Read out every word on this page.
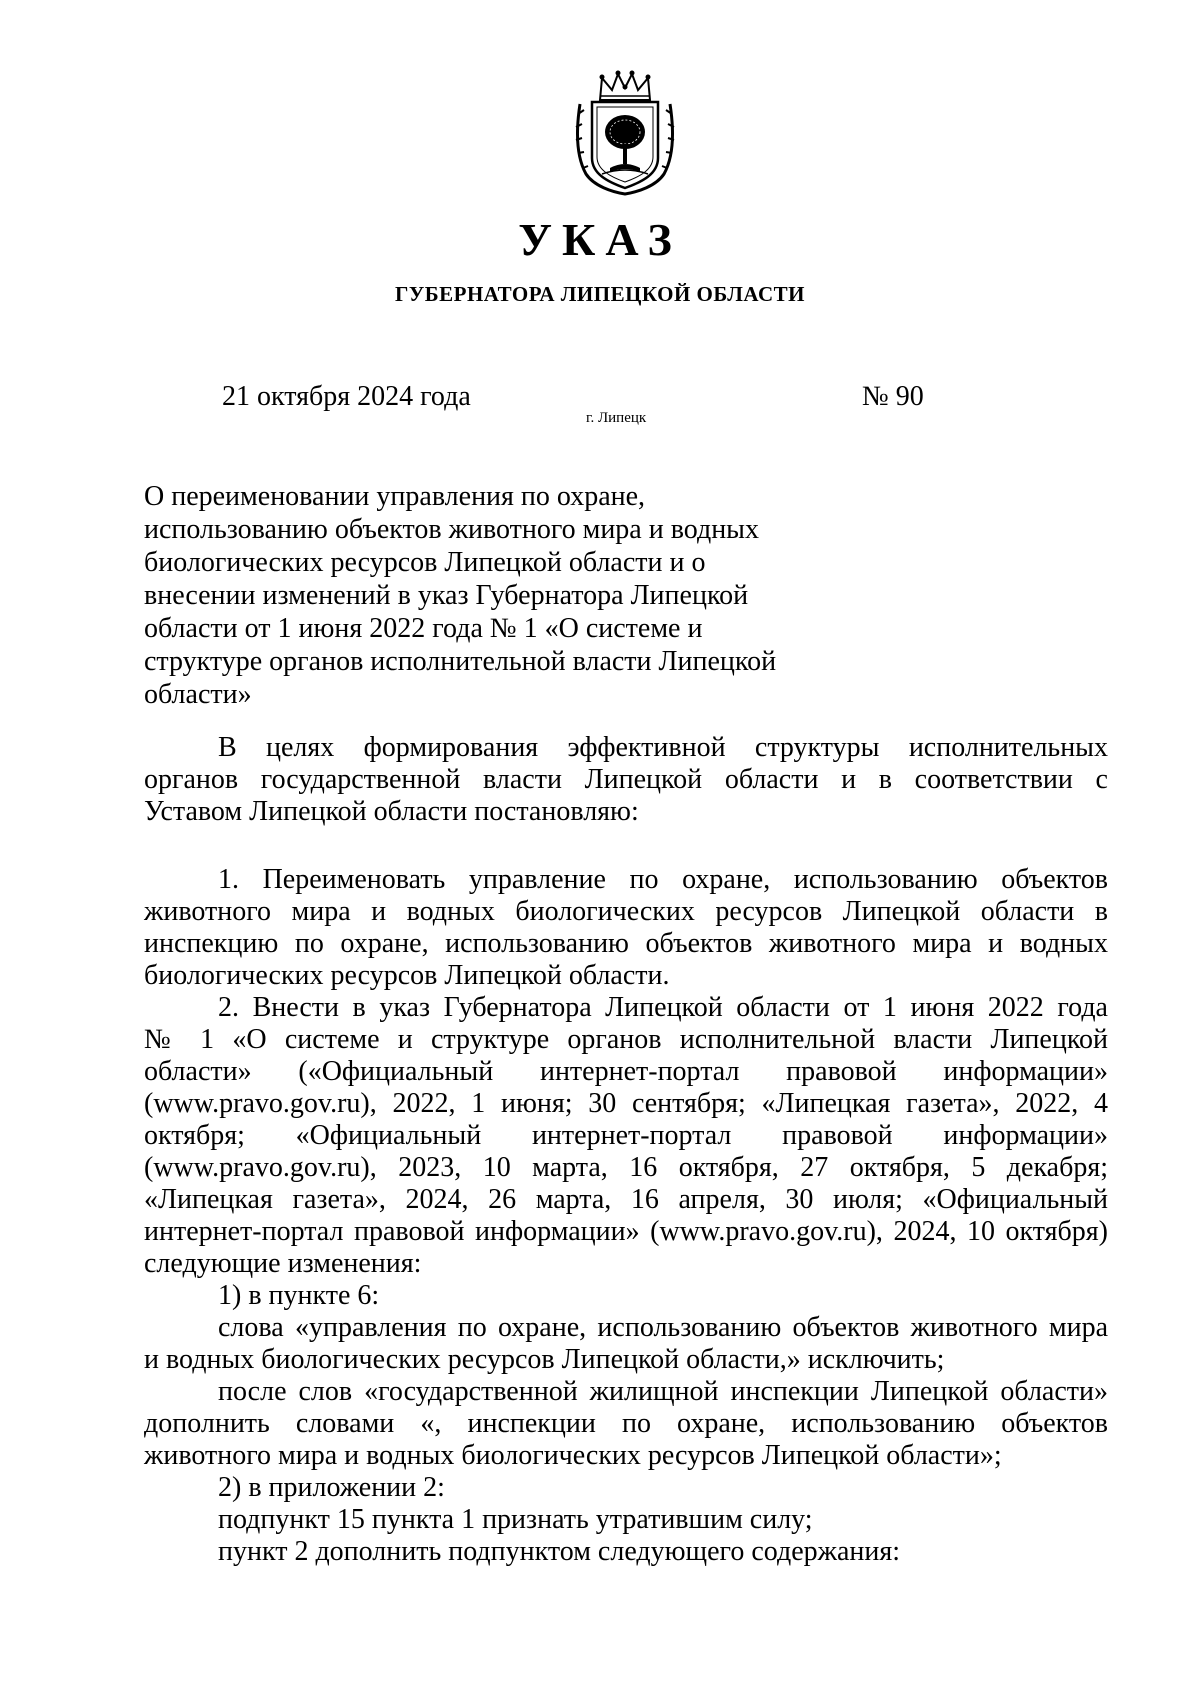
УКАЗ
ГУБЕРНАТОРА ЛИПЕЦКОЙ ОБЛАСТИ
21 октября 2024 года
г. Липецк
№ 90
О переименовании управления по охране,
использованию объектов животного мира и водных
биологических ресурсов Липецкой области и о
внесении изменений в указ Губернатора Липецкой
области от 1 июня 2022 года № 1 «О системе и
структуре органов исполнительной власти Липецкой
области»
В целях формирования эффективной структуры исполнительных
органов государственной власти Липецкой области и в соответствии с
Уставом Липецкой области постановляю:
1. Переименовать управление по охране, использованию объектов
животного мира и водных биологических ресурсов Липецкой области в
инспекцию по охране, использованию объектов животного мира и водных
биологических ресурсов Липецкой области.
2. Внести в указ Губернатора Липецкой области от 1 июня 2022 года
№ 1 «О системе и структуре органов исполнительной власти Липецкой
области» («Официальный интернет-портал правовой информации»
(www.pravo.gov.ru), 2022, 1 июня; 30 сентября; «Липецкая газета», 2022, 4
октября; «Официальный интернет-портал правовой информации»
(www.pravo.gov.ru), 2023, 10 марта, 16 октября, 27 октября, 5 декабря;
«Липецкая газета», 2024, 26 марта, 16 апреля, 30 июля; «Официальный
интернет-портал правовой информации» (www.pravo.gov.ru), 2024, 10 октября)
следующие изменения:
1) в пункте 6:
слова «управления по охране, использованию объектов животного мира
и водных биологических ресурсов Липецкой области,» исключить;
после слов «государственной жилищной инспекции Липецкой области»
дополнить словами «, инспекции по охране, использованию объектов
животного мира и водных биологических ресурсов Липецкой области»;
2) в приложении 2:
подпункт 15 пункта 1 признать утратившим силу;
пункт 2 дополнить подпунктом следующего содержания:
